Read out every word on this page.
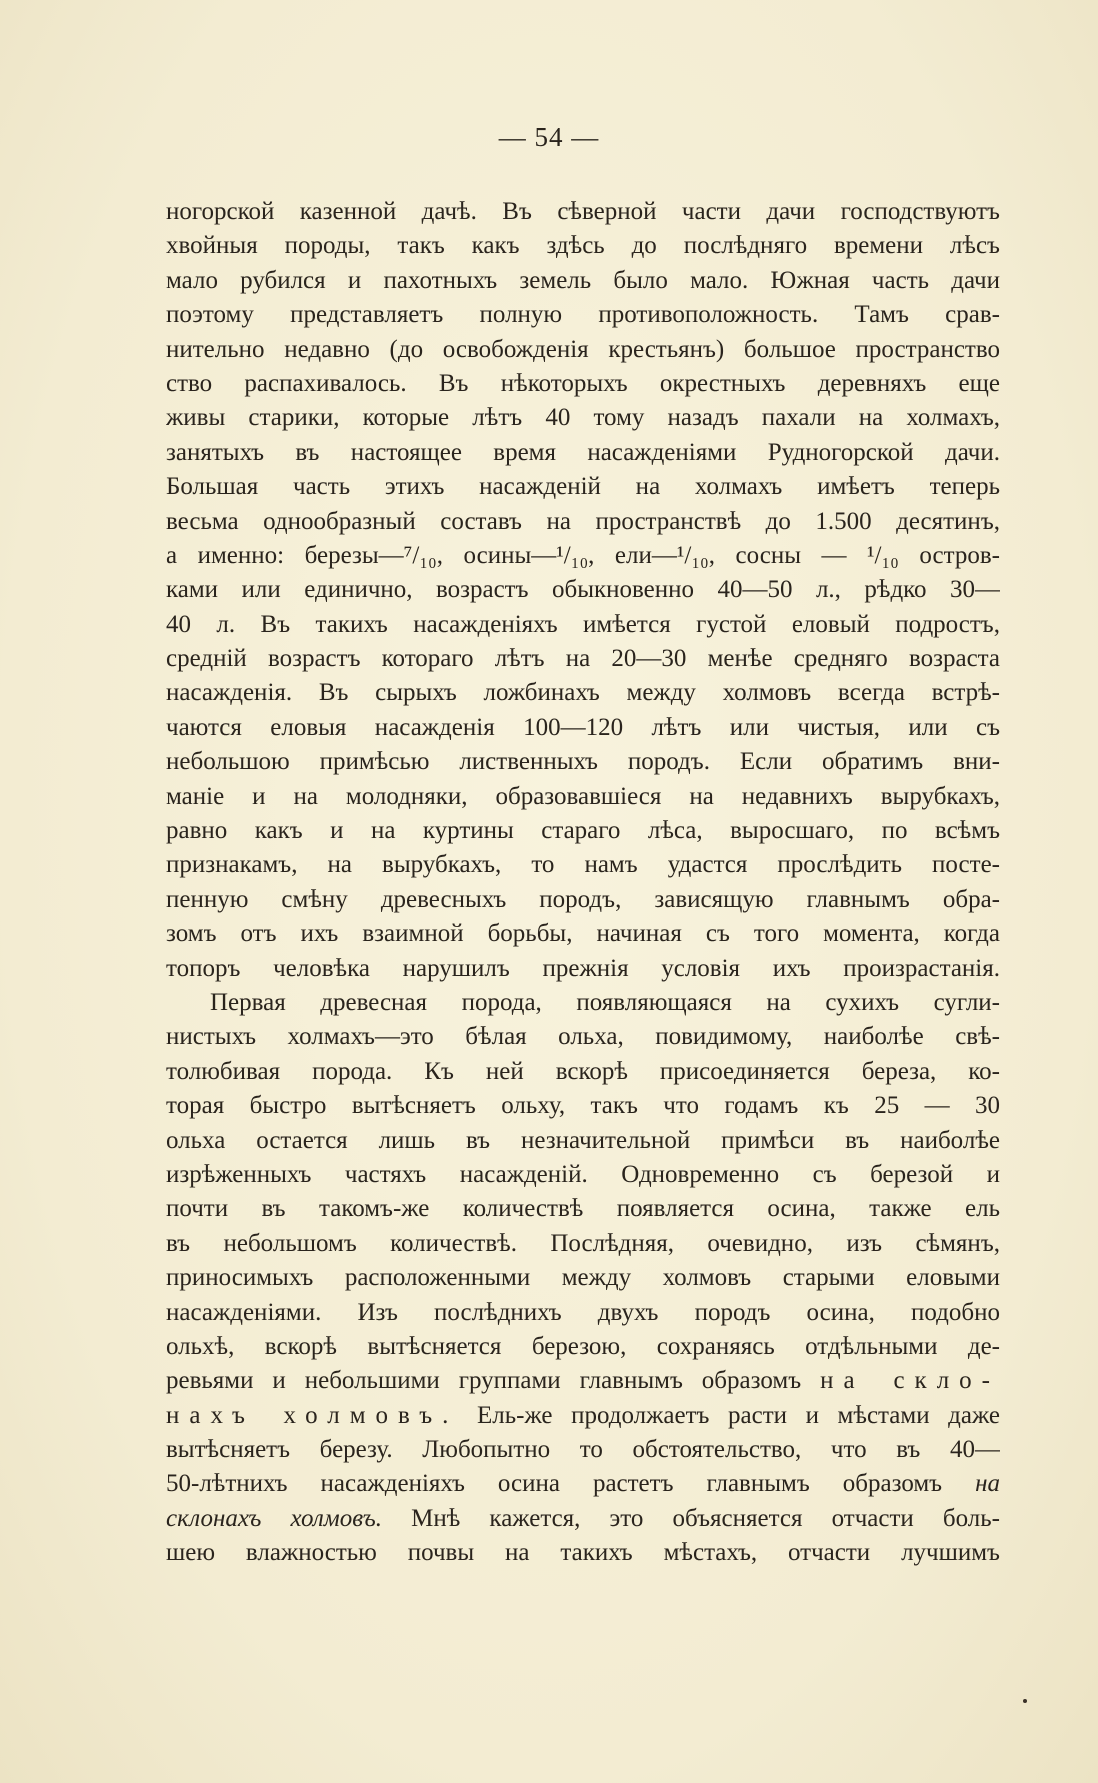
— 54 —
ногорской казенной дачѣ. Въ сѣверной части дачи господствуютъ
хвойныя породы, такъ какъ здѣсь до послѣдняго времени лѣсъ
мало рубился и пахотныхъ земель было мало. Южная часть дачи
поэтому представляетъ полную противоположность. Тамъ срав-
нительно недавно (до освобожденія крестьянъ) большое пространство
ство распахивалось. Въ нѣкоторыхъ окрестныхъ деревняхъ еще
живы старики, которые лѣтъ 40 тому назадъ пахали на холмахъ,
занятыхъ въ настоящее время насажденіями Рудногорской дачи.
Большая часть этихъ насажденій на холмахъ имѣетъ теперь
весьма однообразный составъ на пространствѣ до 1.500 десятинъ,
а именно: березы—⁷/₁₀, осины—¹/₁₀, ели—¹/₁₀, сосны — ¹/₁₀ остров-
ками или единично, возрастъ обыкновенно 40—50 л., рѣдко 30—
40 л. Въ такихъ насажденіяхъ имѣется густой еловый подростъ,
средній возрастъ котораго лѣтъ на 20—30 менѣе средняго возраста
насажденія. Въ сырыхъ ложбинахъ между холмовъ всегда встрѣ-
чаются еловыя насажденія 100—120 лѣтъ или чистыя, или съ
небольшою примѣсью лиственныхъ породъ. Если обратимъ вни-
маніе и на молодняки, образовавшіеся на недавнихъ вырубкахъ,
равно какъ и на куртины стараго лѣса, выросшаго, по всѣмъ
признакамъ, на вырубкахъ, то намъ удастся прослѣдить посте-
пенную смѣну древесныхъ породъ, зависящую главнымъ обра-
зомъ отъ ихъ взаимной борьбы, начиная съ того момента, когда
топоръ человѣка нарушилъ прежнія условія ихъ произрастанія.
Первая древесная порода, появляющаяся на сухихъ сугли-
нистыхъ холмахъ—это бѣлая ольха, повидимому, наиболѣе свѣ-
толюбивая порода. Къ ней вскорѣ присоединяется береза, ко-
торая быстро вытѣсняетъ ольху, такъ что годамъ къ 25 — 30
ольха остается лишь въ незначительной примѣси въ наиболѣе
изрѣженныхъ частяхъ насажденій. Одновременно съ березой и
почти въ такомъ-же количествѣ появляется осина, также ель
въ небольшомъ количествѣ. Послѣдняя, очевидно, изъ сѣмянъ,
приносимыхъ расположенными между холмовъ старыми еловыми
насажденіями. Изъ послѣднихъ двухъ породъ осина, подобно
ольхѣ, вскорѣ вытѣсняется березою, сохраняясь отдѣльными де-
ревьями и небольшими группами главнымъ образомъ на скло-
нахъ холмовъ. Ель-же продолжаетъ расти и мѣстами даже
вытѣсняетъ березу. Любопытно то обстоятельство, что въ 40—
50-лѣтнихъ насажденіяхъ осина растетъ главнымъ образомъ на
склонахъ холмовъ. Мнѣ кажется, это объясняется отчасти боль-
шею влажностью почвы на такихъ мѣстахъ, отчасти лучшимъ
